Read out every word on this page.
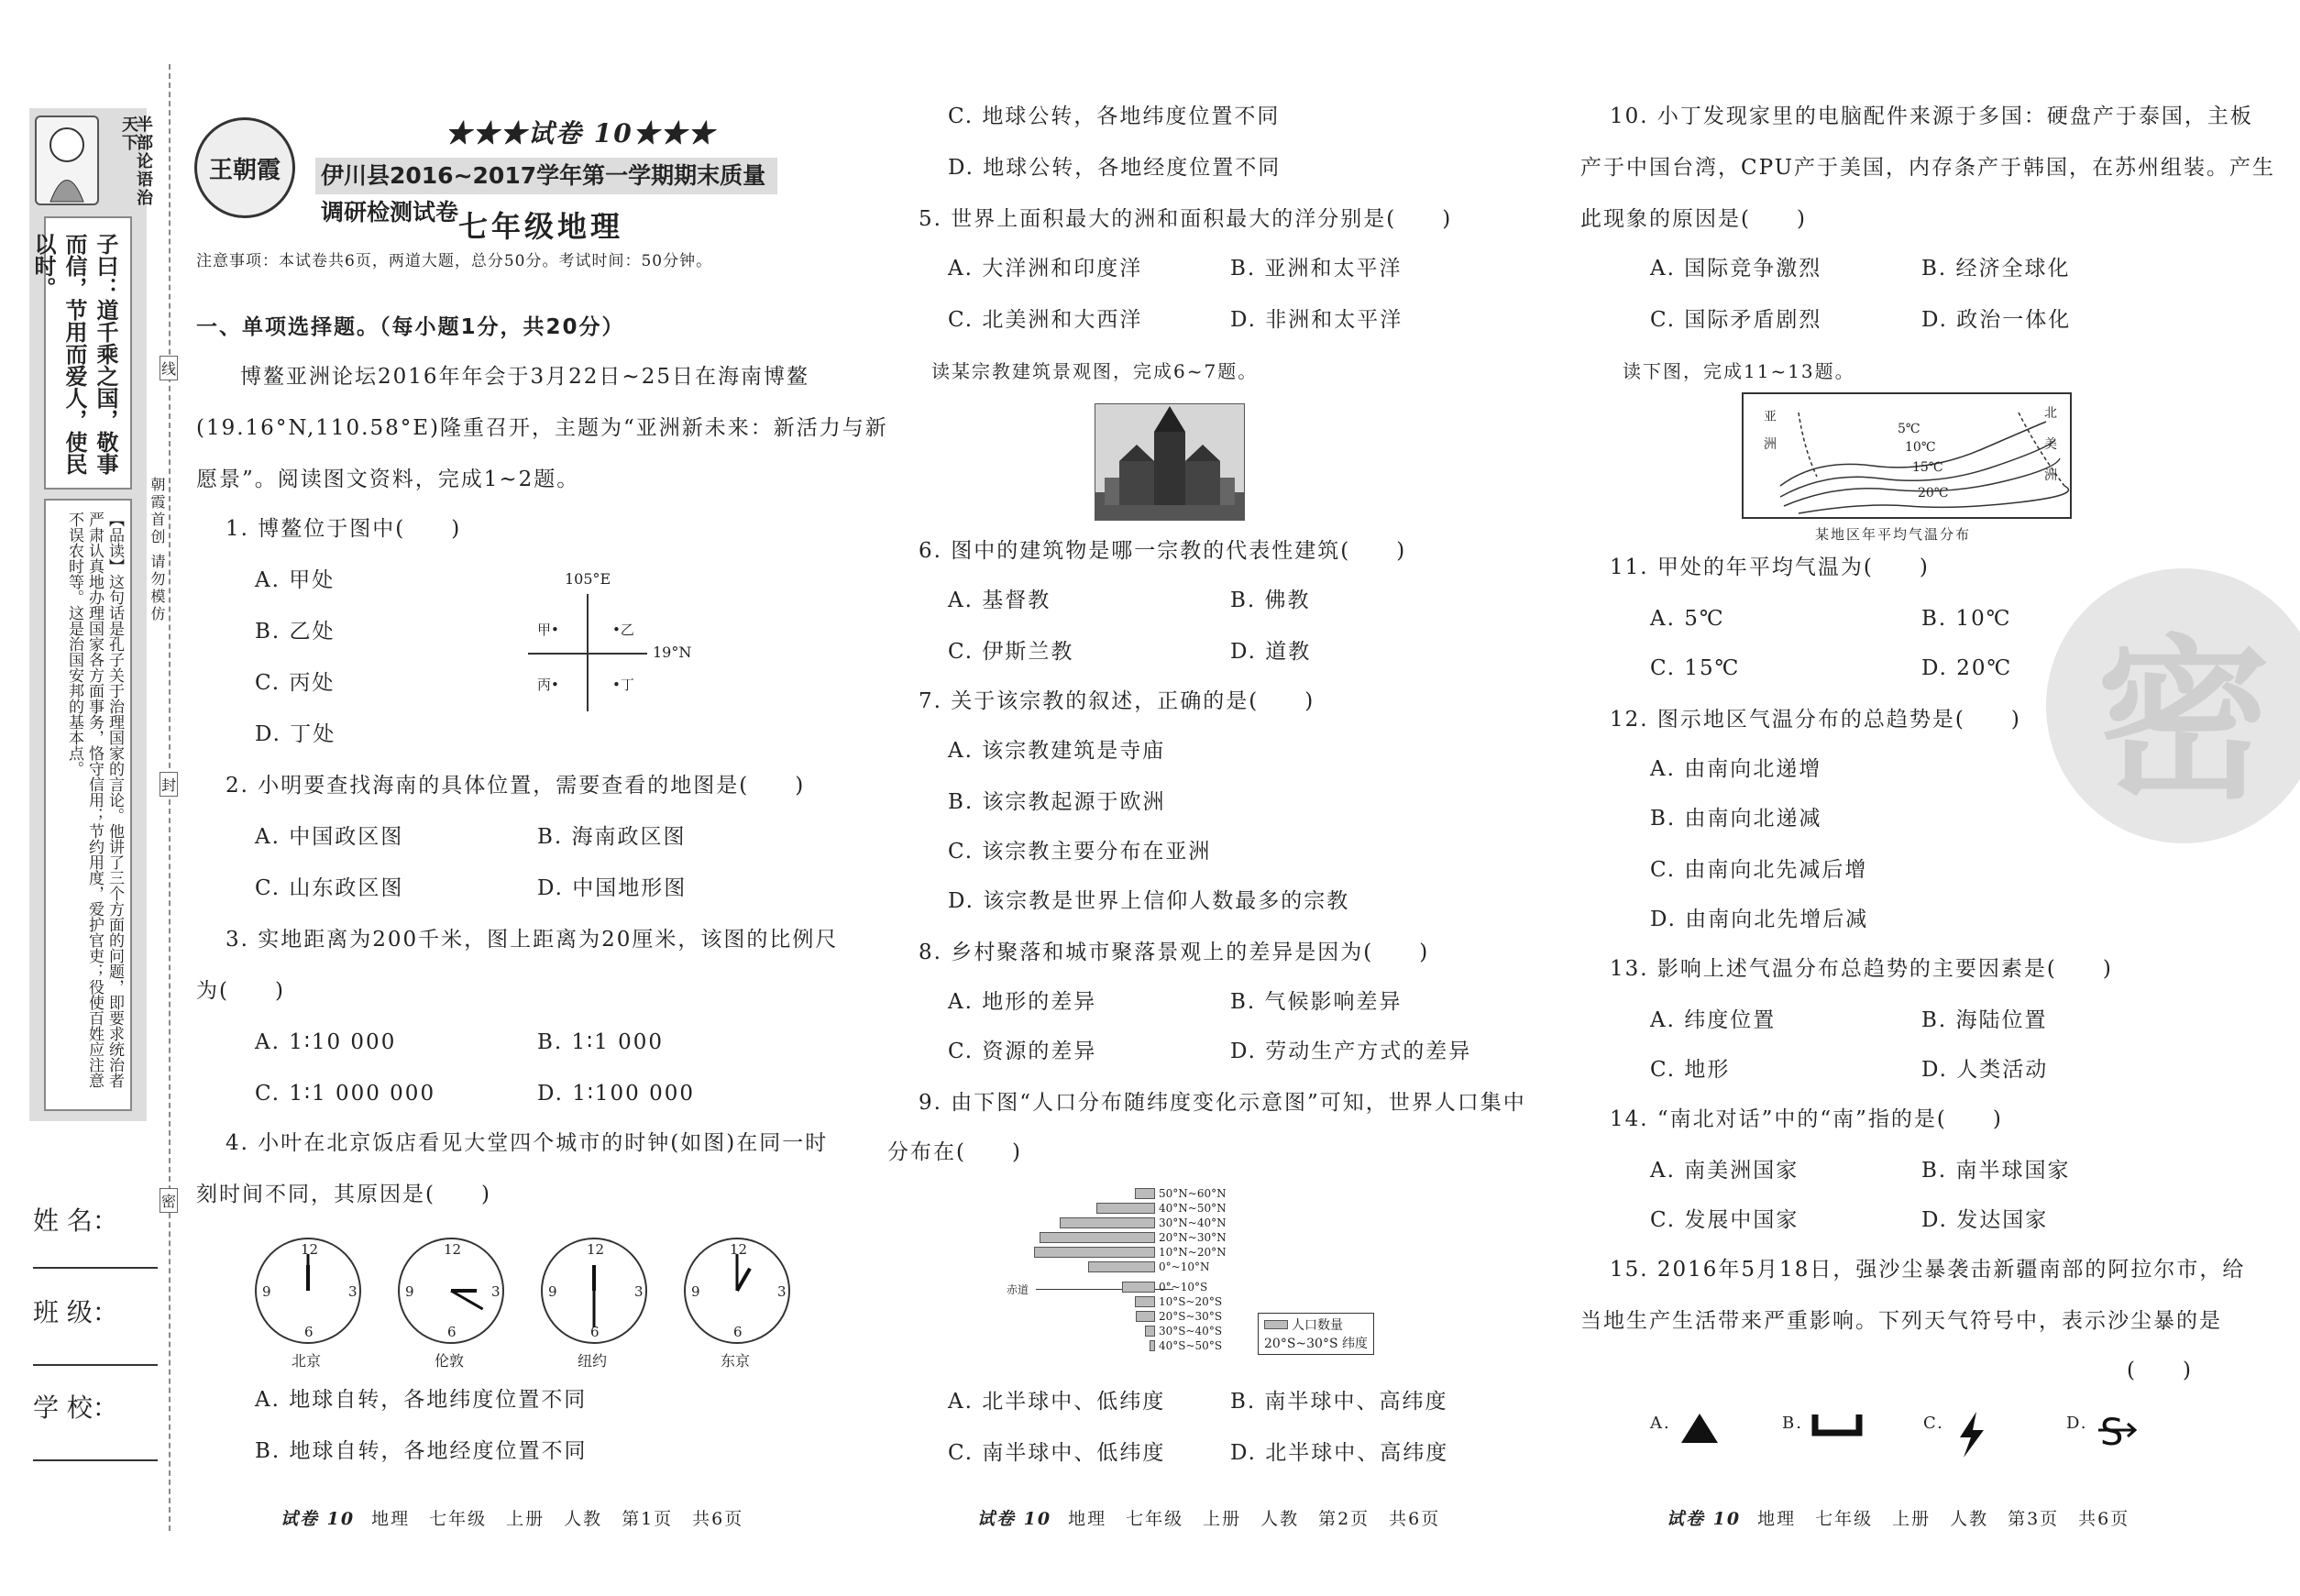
半部论语治天下
子曰：道千乘之国，敬事而信，节用而爱人，使民以时。
【品读】这句话是孔子关于治理国家的言论。他讲了三个方面的问题，即要求统治者严肃认真地办理国家各方面事务，恪守信用；节约用度，爱护官吏；役使百姓应注意不误农时等。这是治国安邦的基本点。
姓 名：
班 级：
学 校：
线
封
密
朝霞首创 请勿模仿
王朝霞
★★★试卷 10★★★
伊川县2016~2017学年第一学期期末质量调研检测试卷 七年级地理
注意事项：本试卷共6页，两道大题，总分50分。考试时间：50分钟。
一、单项选择题。（每小题1分，共20分）
博鳌亚洲论坛2016年年会于3月22日~25日在海南博鳌
(19.16°N,110.58°E)隆重召开，主题为“亚洲新未来：新活力与新
愿景”。阅读图文资料，完成1~2题。
1. 博鳌位于图中(　　)
A. 甲处
B. 乙处
C. 丙处
D. 丁处
105°E
19°N
甲•	•乙
丙•	•丁
2. 小明要查找海南的具体位置，需要查看的地图是(　　)
A. 中国政区图	B. 海南政区图
C. 山东政区图	D. 中国地形图
3. 实地距离为200千米，图上距离为20厘米，该图的比例尺
为(　　)
A. 1∶10 000	B. 1∶1 000
C. 1∶1 000 000	D. 1∶100 000
4. 小叶在北京饭店看见大堂四个城市的时钟(如图)在同一时
刻时间不同，其原因是(　　)
12
3
6
9
北京
12
3
6
9
伦敦
12
3
6
9
纽约
12
3
6
9
东京
A. 地球自转，各地纬度位置不同
B. 地球自转，各地经度位置不同
试卷 10 地理　七年级　上册　人教　第1页　共6页
C. 地球公转，各地纬度位置不同
D. 地球公转，各地经度位置不同
5. 世界上面积最大的洲和面积最大的洋分别是(　　)
A. 大洋洲和印度洋	B. 亚洲和太平洋
C. 北美洲和大西洋	D. 非洲和太平洋
读某宗教建筑景观图，完成6~7题。
6. 图中的建筑物是哪一宗教的代表性建筑(　　)
A. 基督教	B. 佛教
C. 伊斯兰教	D. 道教
7. 关于该宗教的叙述，正确的是(　　)
A. 该宗教建筑是寺庙
B. 该宗教起源于欧洲
C. 该宗教主要分布在亚洲
D. 该宗教是世界上信仰人数最多的宗教
8. 乡村聚落和城市聚落景观上的差异是因为(　　)
A. 地形的差异	B. 气候影响差异
C. 资源的差异	D. 劳动生产方式的差异
9. 由下图“人口分布随纬度变化示意图”可知，世界人口集中
分布在(　　)
赤道
人口数量
20°S~30°S 纬度
50°N~60°N
40°N~50°N
30°N~40°N
20°N~30°N
10°N~20°N
0°~10°N
0°~10°S
10°S~20°S
20°S~30°S
30°S~40°S
40°S~50°S
A. 北半球中、低纬度	B. 南半球中、高纬度
C. 南半球中、低纬度	D. 北半球中、高纬度
试卷 10 地理　七年级　上册　人教　第2页　共6页
密
10. 小丁发现家里的电脑配件来源于多国：硬盘产于泰国，主板
产于中国台湾，CPU产于美国，内存条产于韩国，在苏州组装。产生
此现象的原因是(　　)
A. 国际竞争激烈	B. 经济全球化
C. 国际矛盾剧烈	D. 政治一体化
读下图，完成11~13题。
亚洲
北美洲
5℃
10℃
15℃
20℃
某地区年平均气温分布
11. 甲处的年平均气温为(　　)
A. 5℃	B. 10℃
C. 15℃	D. 20℃
12. 图示地区气温分布的总趋势是(　　)
A. 由南向北递增
B. 由南向北递减
C. 由南向北先减后增
D. 由南向北先增后减
13. 影响上述气温分布总趋势的主要因素是(　　)
A. 纬度位置	B. 海陆位置
C. 地形	D. 人类活动
14. “南北对话”中的“南”指的是(　　)
A. 南美洲国家	B. 南半球国家
C. 发展中国家	D. 发达国家
15. 2016年5月18日，强沙尘暴袭击新疆南部的阿拉尔市，给
当地生产生活带来严重影响。下列天气符号中，表示沙尘暴的是
(　　)
$^{A.}$	$^{B.}$	$^{C.}$	$^{D.}$ S
试卷 10 地理　七年级　上册　人教　第3页　共6页
